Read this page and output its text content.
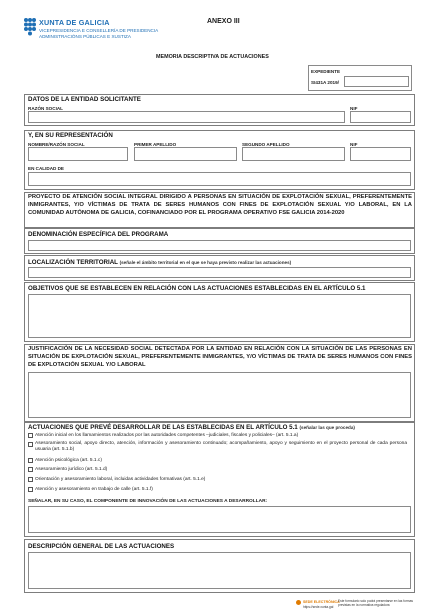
XUNTA DE GALICIA
VICEPRESIDENCIA E CONSELLERÍA DE PRESIDENCIA
ADMINISTRACIÓNS PÚBLICAS E XUSTIZA
ANEXO III
MEMORIA DESCRIPTIVA DE ACTUACIONES
EXPEDIENTE
SI431A 2019/
DATOS DE LA ENTIDAD SOLICITANTE
RAZÓN SOCIAL	NIF
Y, EN SU REPRESENTACIÓN
NOMBRE/RAZÓN SOCIAL	PRIMER APELLIDO	SEGUNDO APELLIDO	NIF
EN CALIDAD DE
PROYECTO DE ATENCIÓN SOCIAL INTEGRAL DIRIGIDO A PERSONAS EN SITUACIÓN DE EXPLOTACIÓN SEXUAL, PREFERENTEMENTE INMIGRANTES, Y/O VÍCTIMAS DE TRATA DE SERES HUMANOS CON FINES DE EXPLOTACIÓN SEXUAL Y/O LABORAL, EN LA COMUNIDAD AUTÓNOMA DE GALICIA, COFINANCIADO POR EL PROGRAMA OPERATIVO FSE GALICIA 2014-2020
DENOMINACIÓN ESPECÍFICA DEL PROGRAMA
LOCALIZACIÓN TERRITORIAL (señale el ámbito territorial en el que se haya previsto realizar las actuaciones)
OBJETIVOS QUE SE ESTABLECEN EN RELACIÓN CON LAS ACTUACIONES ESTABLECIDAS EN EL ARTÍCULO 5.1
JUSTIFICACIÓN DE LA NECESIDAD SOCIAL DETECTADA POR LA ENTIDAD EN RELACIÓN CON LA SITUACIÓN DE LAS PERSONAS EN SITUACIÓN DE EXPLOTACIÓN SEXUAL, PREFERENTEMENTE INMIGRANTES, Y/O VÍCTIMAS DE TRATA DE SERES HUMANOS CON FINES DE EXPLOTACIÓN SEXUAL Y/O LABORAL
ACTUACIONES QUE PREVÉ DESARROLLAR DE LAS ESTABLECIDAS EN EL ARTÍCULO 5.1 (señalar las que proceda)
Atención inicial en los llamamientos realizados por las autoridades competentes –judiciales, fiscales y policiales– (art. 5.1.a)
Asesoramiento social, apoyo directo, atención, información y asesoramiento continuado; acompañamiento, apoyo y seguimiento en el proyecto personal de cada persona usuaria (art. 5.1.b)
Atención psicológica (art. 5.1.c)
Asesoramiento jurídico (art. 5.1.d)
Orientación y asesoramiento laboral, incluidas actividades formativas (art. 5.1.e)
Atención y asesoramiento en trabajo de calle (art. 5.1.f)
SEÑALAR, EN SU CASO, EL COMPONENTE DE INNOVACIÓN DE LAS ACTUACIONES A DESARROLLAR:
DESCRIPCIÓN GENERAL DE LAS ACTUACIONES
SEDE ELECTRÓNICA
Este formulario solo podrá presentarse en las formas previstas en la normativa reguladora
https://sede.xunta.gal
